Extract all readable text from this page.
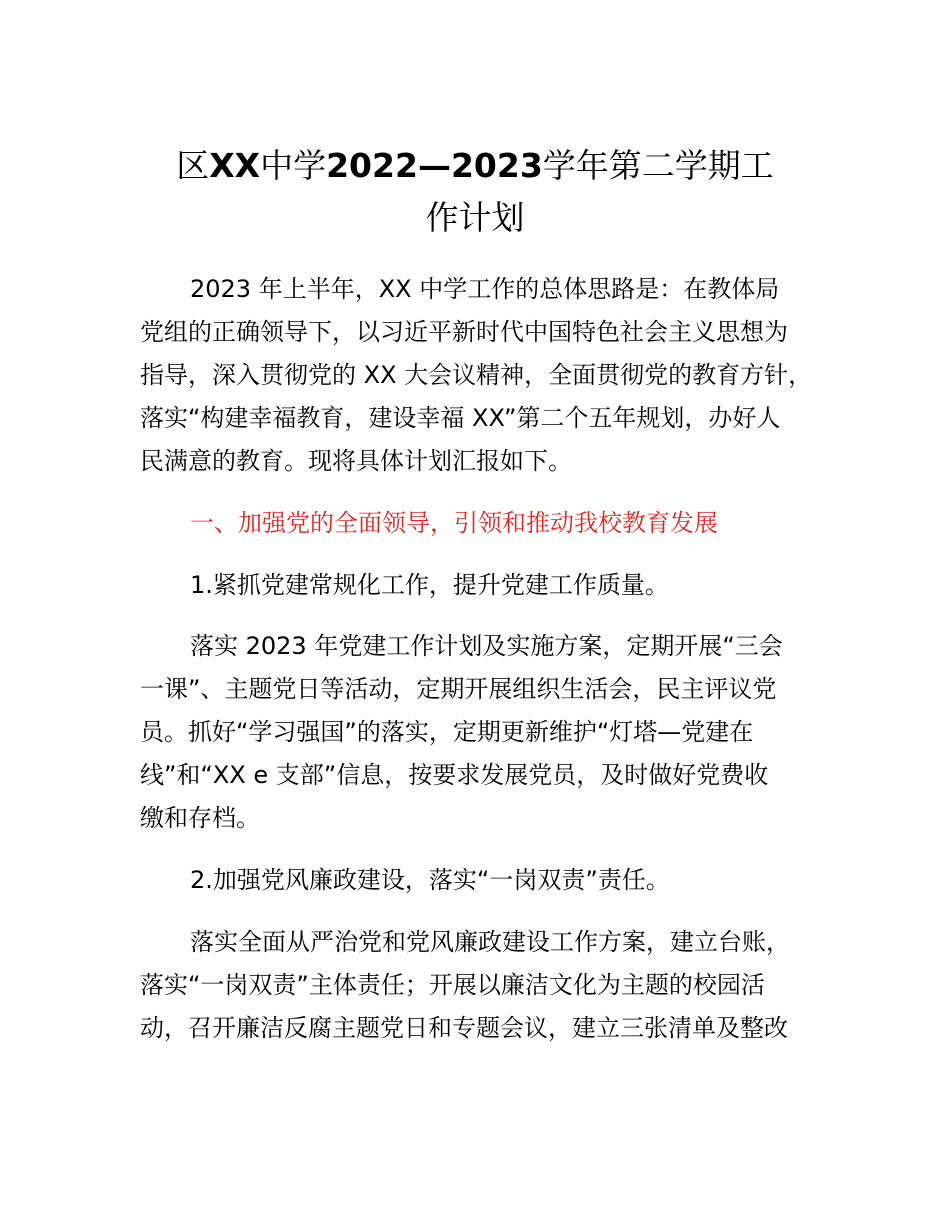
区XX中学2022—2023学年第二学期工
作计划

2023 年上半年，XX 中学工作的总体思路是：在教体局

党组的正确领导下，以习近平新时代中国特色社会主义思想为

指导，深入贯彻党的 XX 大会议精神，全面贯彻党的教育方针，

落实“构建幸福教育，建设幸福 XX”第二个五年规划，办好人

民满意的教育。现将具体计划汇报如下。

一、加强党的全面领导，引领和推动我校教育发展

1.紧抓党建常规化工作，提升党建工作质量。

落实 2023 年党建工作计划及实施方案，定期开展“三会

一课”、主题党日等活动，定期开展组织生活会，民主评议党

员。抓好“学习强国”的落实，定期更新维护“灯塔—党建在

线”和“XX e 支部”信息，按要求发展党员，及时做好党费收

缴和存档。

2.加强党风廉政建设，落实“一岗双责”责任。

落实全面从严治党和党风廉政建设工作方案，建立台账，

落实“一岗双责”主体责任；开展以廉洁文化为主题的校园活

动，召开廉洁反腐主题党日和专题会议，建立三张清单及整改
